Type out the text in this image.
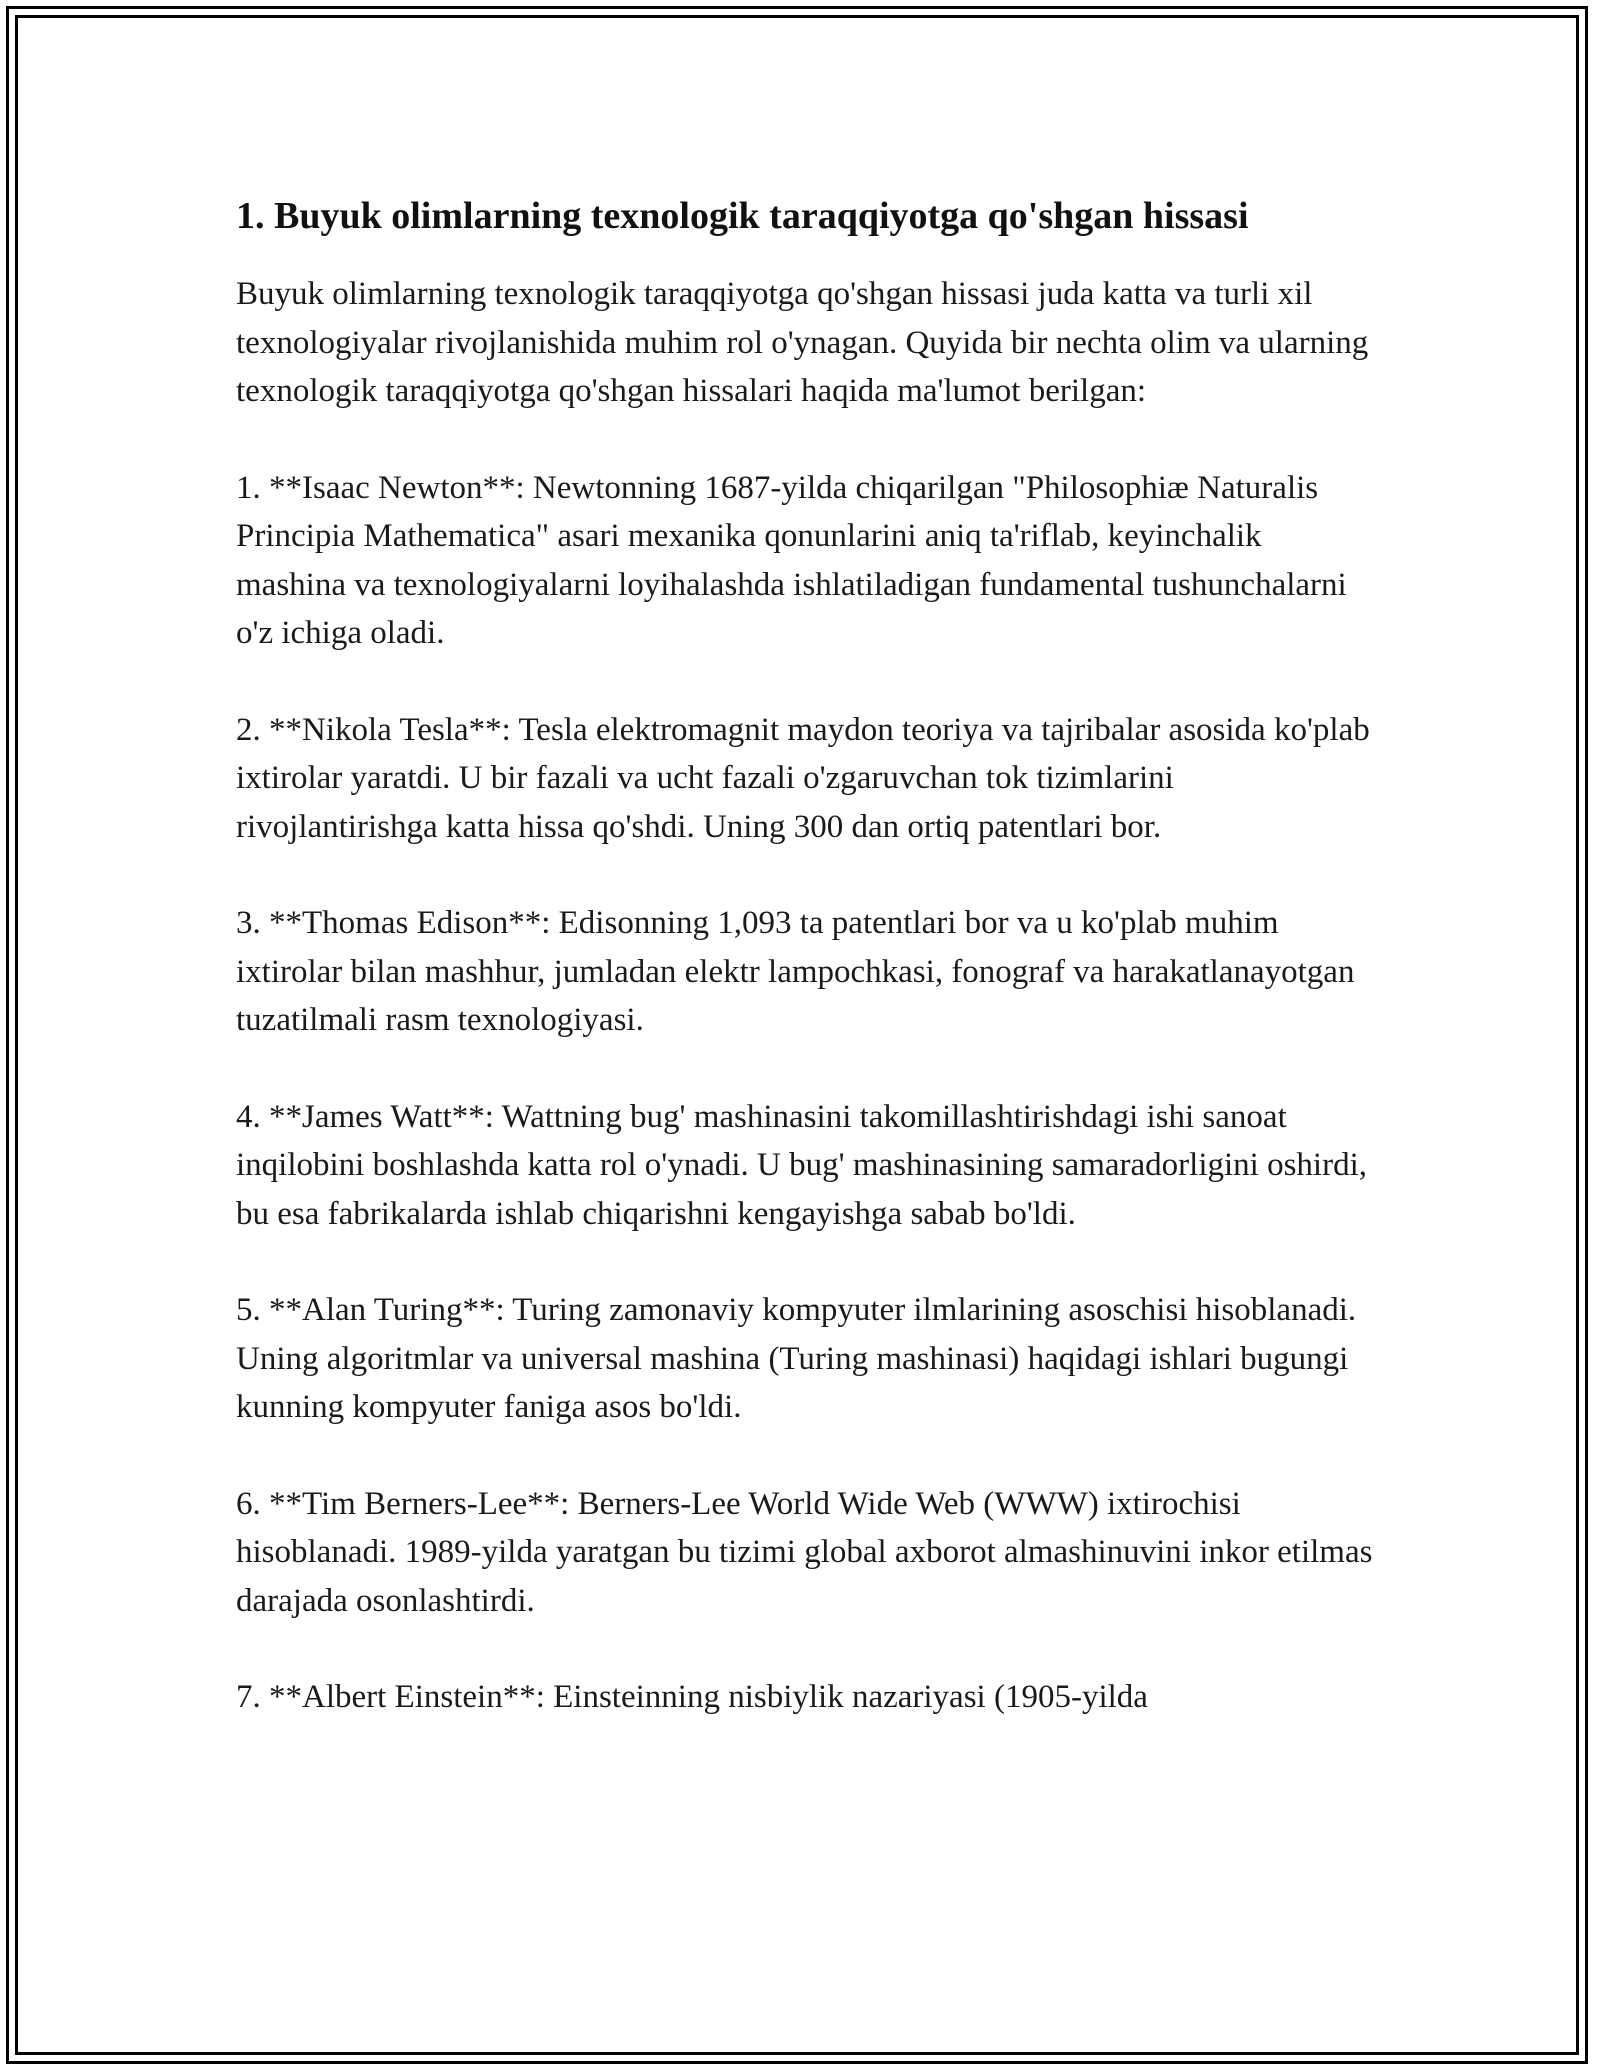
1. Buyuk olimlarning texnologik taraqqiyotga qo'shgan hissasi

Buyuk olimlarning texnologik taraqqiyotga qo'shgan hissasi juda katta va turli xil texnologiyalar rivojlanishida muhim rol o'ynagan. Quyida bir nechta olim va ularning texnologik taraqqiyotga qo'shgan hissalari haqida ma'lumot berilgan:

1. **Isaac Newton**: Newtonning 1687-yilda chiqarilgan "Philosophiæ Naturalis Principia Mathematica" asari mexanika qonunlarini aniq ta'riflab, keyinchalik mashina va texnologiyalarni loyihalashda ishlatiladigan fundamental tushunchalarni o'z ichiga oladi.

2. **Nikola Tesla**: Tesla elektromagnit maydon teoriya va tajribalar asosida ko'plab ixtirolar yaratdi. U bir fazali va ucht fazali o'zgaruvchan tok tizimlarini rivojlantirishga katta hissa qo'shdi. Uning 300 dan ortiq patentlari bor.

3. **Thomas Edison**: Edisonning 1,093 ta patentlari bor va u ko'plab muhim ixtirolar bilan mashhur, jumladan elektr lampochkasi, fonograf va harakatlanayotgan tuzatilmali rasm texnologiyasi.

4. **James Watt**: Wattning bug' mashinasini takomillashtirishdagi ishi sanoat inqilobini boshlashda katta rol o'ynadi. U bug' mashinasining samaradorligini oshirdi, bu esa fabrikalarda ishlab chiqarishni kengayishga sabab bo'ldi.

5. **Alan Turing**: Turing zamonaviy kompyuter ilmlarining asoschisi hisoblanadi. Uning algoritmlar va universal mashina (Turing mashinasi) haqidagi ishlari bugungi kunning kompyuter faniga asos bo'ldi.

6. **Tim Berners-Lee**: Berners-Lee World Wide Web (WWW) ixtirochisi hisoblanadi. 1989-yilda yaratgan bu tizimi global axborot almashinuvini inkor etilmas darajada osonlashtirdi.

7. **Albert Einstein**: Einsteinning nisbiylik nazariyasi (1905-yilda
